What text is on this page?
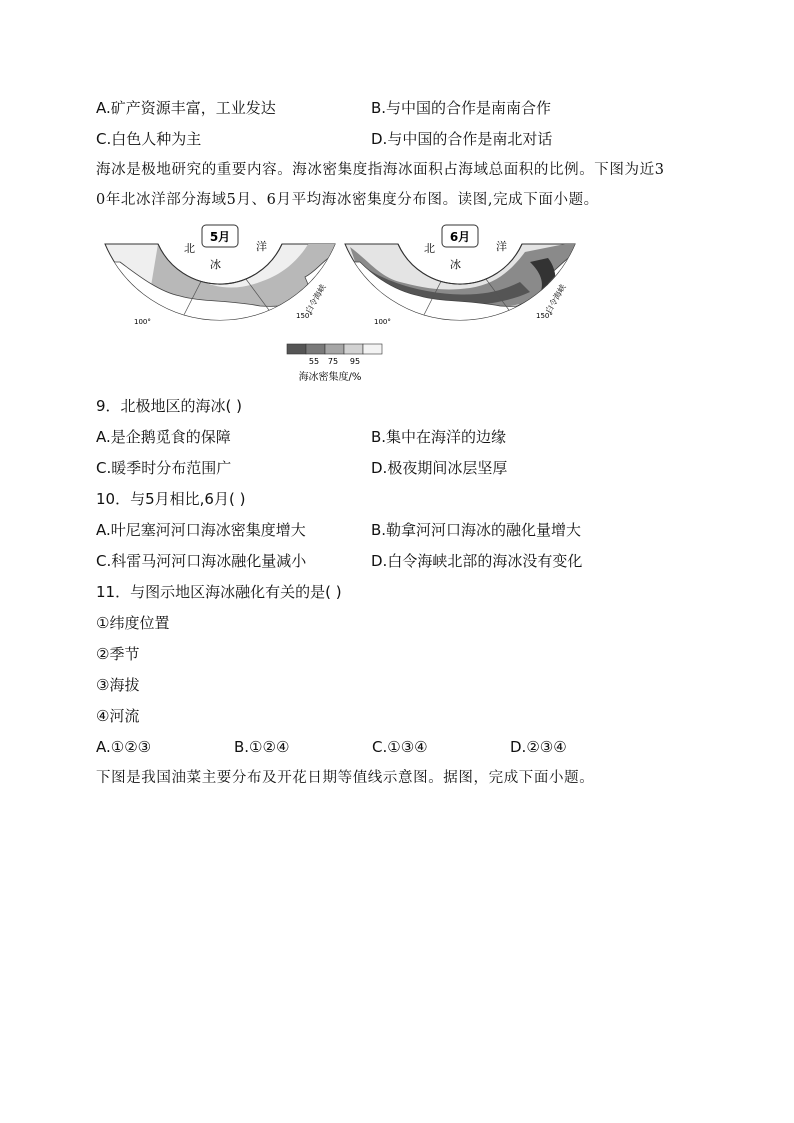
A.矿产资源丰富，工业发达	B.与中国的合作是南南合作
C.白色人种为主	D.与中国的合作是南北对话
海冰是极地研究的重要内容。海冰密集度指海冰面积占海域总面积的比例。下图为近3
0年北冰洋部分海域5月、6月平均海冰密集度分布图。读图,完成下面小题。
5月
北
冰
洋
100°
150°
白令海峡
6月
北
冰
洋
100°
150°
白令海峡
55 75 95
海冰密集度/%
9．北极地区的海冰( )
A.是企鹅觅食的保障	B.集中在海洋的边缘
C.暖季时分布范围广	D.极夜期间冰层坚厚
10．与5月相比,6月( )
A.叶尼塞河河口海冰密集度增大	B.勒拿河河口海冰的融化量增大
C.科雷马河河口海冰融化量减小	D.白令海峡北部的海冰没有变化
11．与图示地区海冰融化有关的是( )
①纬度位置
②季节
③海拔
④河流
A.①②③	B.①②④	C.①③④	D.②③④
下图是我国油菜主要分布及开花日期等值线示意图。据图，完成下面小题。
